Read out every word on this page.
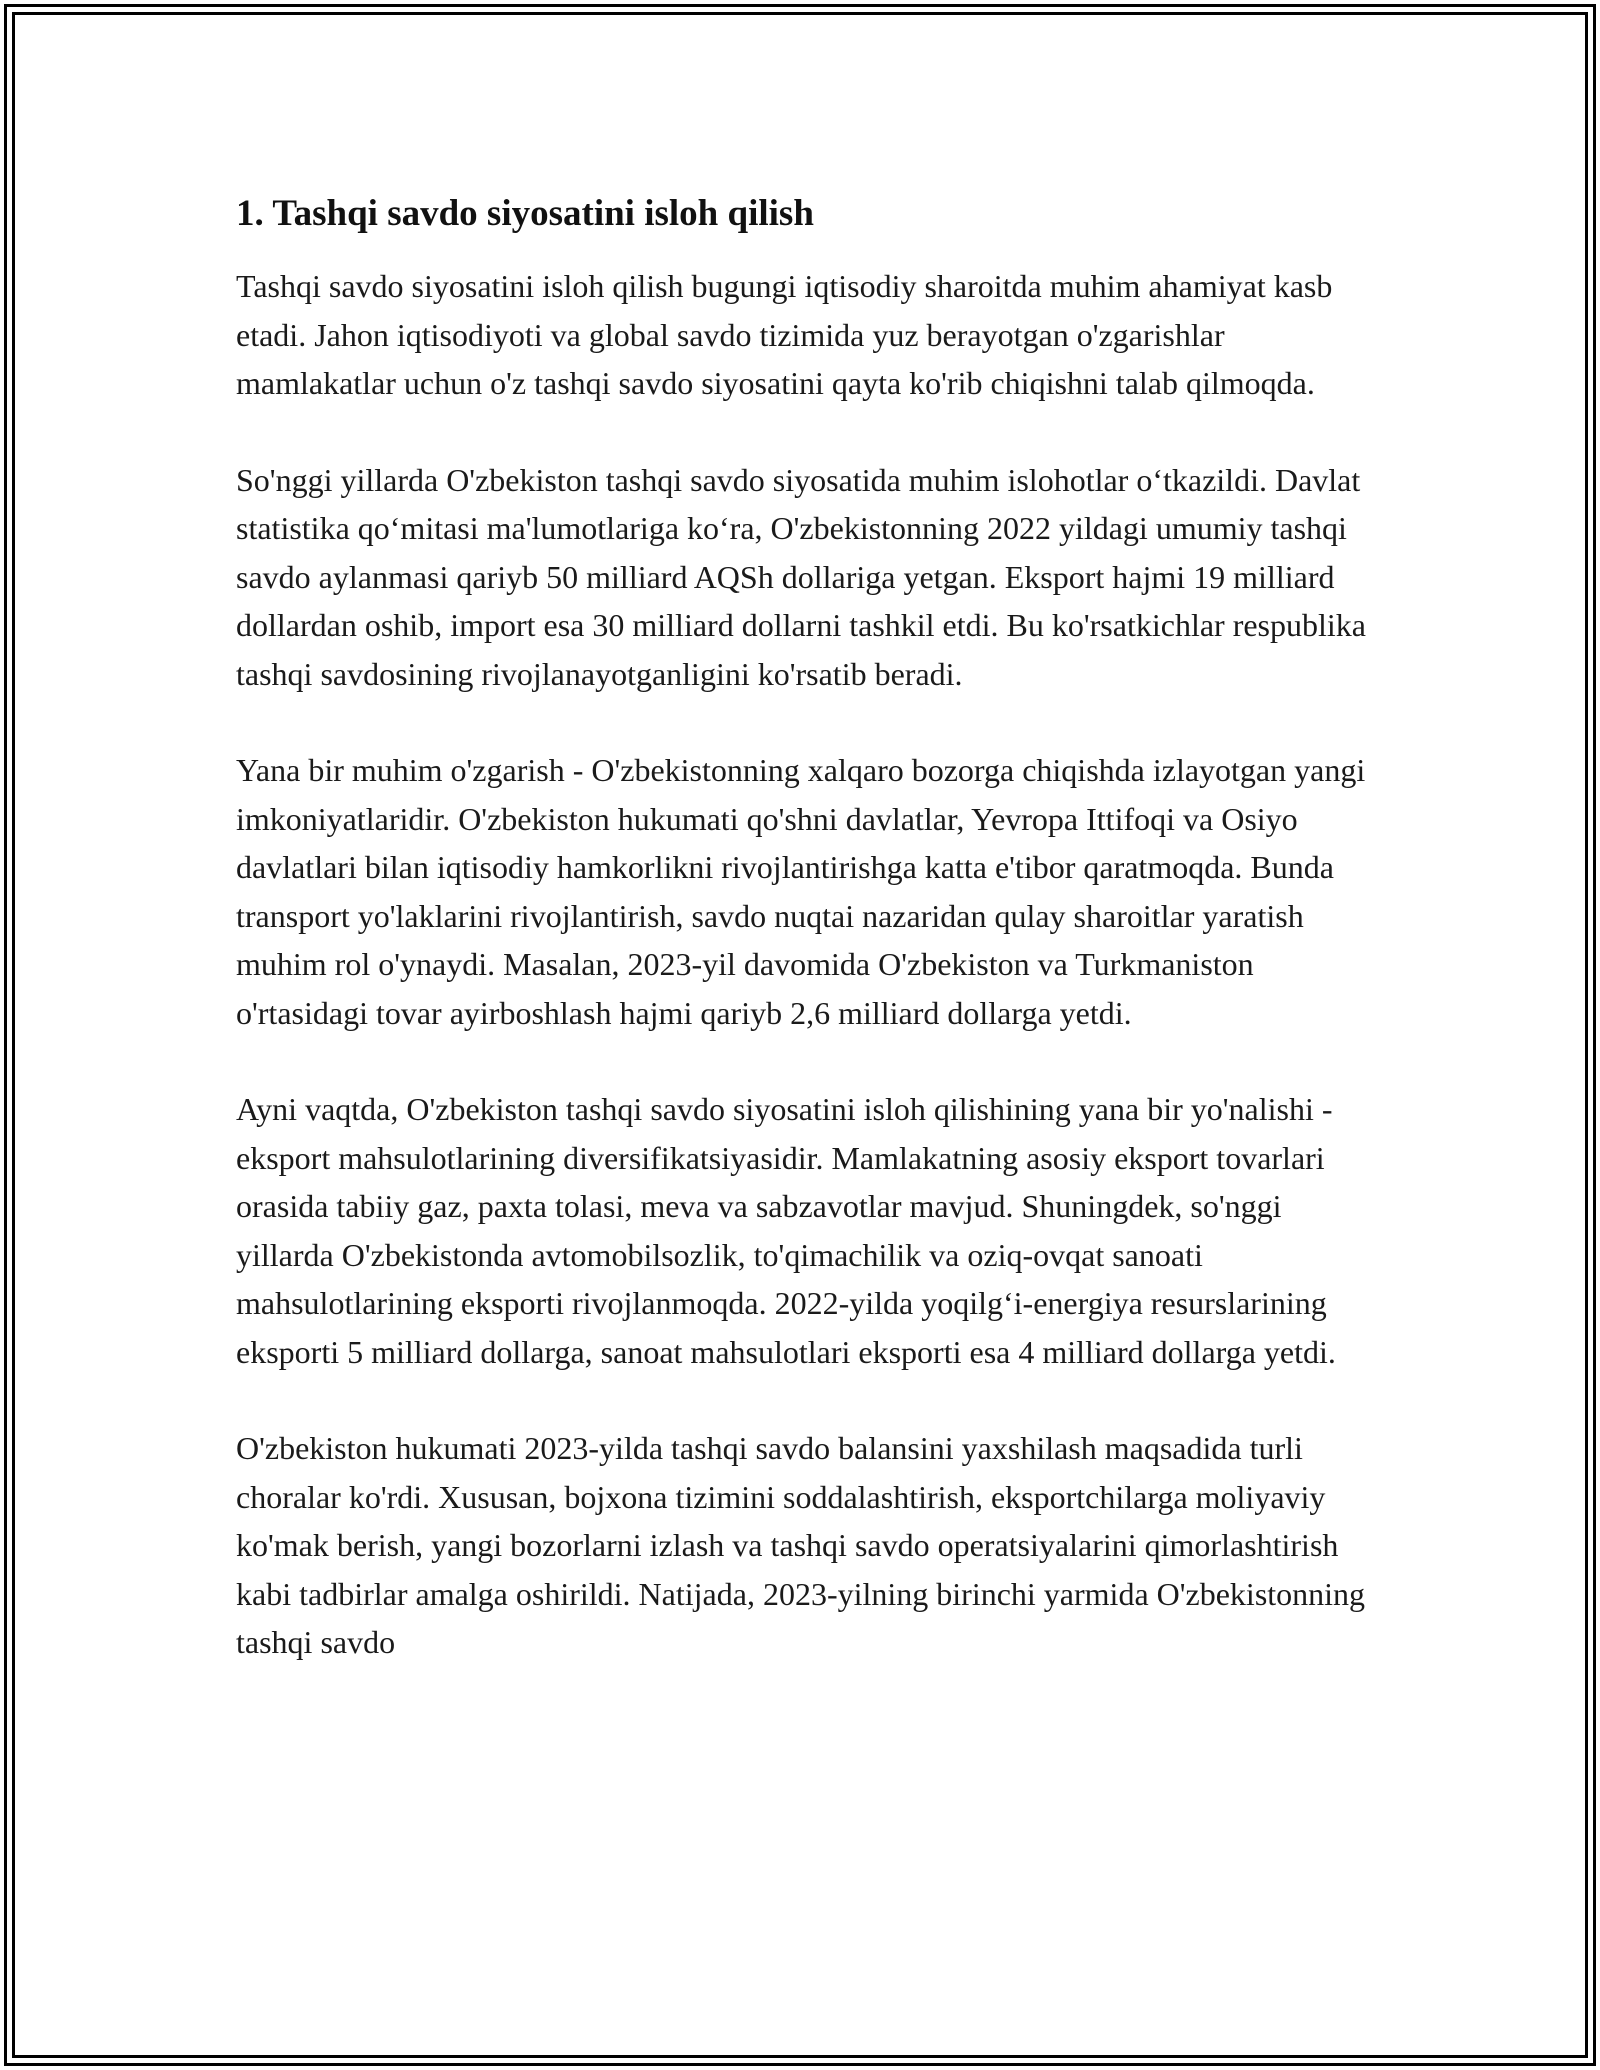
1. Tashqi savdo siyosatini isloh qilish

Tashqi savdo siyosatini isloh qilish bugungi iqtisodiy sharoitda muhim ahamiyat kasb etadi. Jahon iqtisodiyoti va global savdo tizimida yuz berayotgan o'zgarishlar mamlakatlar uchun o'z tashqi savdo siyosatini qayta ko'rib chiqishni talab qilmoqda.

So'nggi yillarda O'zbekiston tashqi savdo siyosatida muhim islohotlar o‘tkazildi. Davlat statistika qo‘mitasi ma'lumotlariga ko‘ra, O'zbekistonning 2022 yildagi umumiy tashqi savdo aylanmasi qariyb 50 milliard AQSh dollariga yetgan. Eksport hajmi 19 milliard dollardan oshib, import esa 30 milliard dollarni tashkil etdi. Bu ko'rsatkichlar respublika tashqi savdosining rivojlanayotganligini ko'rsatib beradi.

Yana bir muhim o'zgarish - O'zbekistonning xalqaro bozorga chiqishda izlayotgan yangi imkoniyatlaridir. O'zbekiston hukumati qo'shni davlatlar, Yevropa Ittifoqi va Osiyo davlatlari bilan iqtisodiy hamkorlikni rivojlantirishga katta e'tibor qaratmoqda. Bunda transport yo'laklarini rivojlantirish, savdo nuqtai nazaridan qulay sharoitlar yaratish muhim rol o'ynaydi. Masalan, 2023-yil davomida O'zbekiston va Turkmaniston o'rtasidagi tovar ayirboshlash hajmi qariyb 2,6 milliard dollarga yetdi.

Ayni vaqtda, O'zbekiston tashqi savdo siyosatini isloh qilishining yana bir yo'nalishi - eksport mahsulotlarining diversifikatsiyasidir. Mamlakatning asosiy eksport tovarlari orasida tabiiy gaz, paxta tolasi, meva va sabzavotlar mavjud. Shuningdek, so'nggi yillarda O'zbekistonda avtomobilsozlik, to'qimachilik va oziq-ovqat sanoati mahsulotlarining eksporti rivojlanmoqda. 2022-yilda yoqilg‘i-energiya resurslarining eksporti 5 milliard dollarga, sanoat mahsulotlari eksporti esa 4 milliard dollarga yetdi.

O'zbekiston hukumati 2023-yilda tashqi savdo balansini yaxshilash maqsadida turli choralar ko'rdi. Xususan, bojxona tizimini soddalashtirish, eksportchilarga moliyaviy ko'mak berish, yangi bozorlarni izlash va tashqi savdo operatsiyalarini qimorlashtirish kabi tadbirlar amalga oshirildi. Natijada, 2023-yilning birinchi yarmida O'zbekistonning tashqi savdo
